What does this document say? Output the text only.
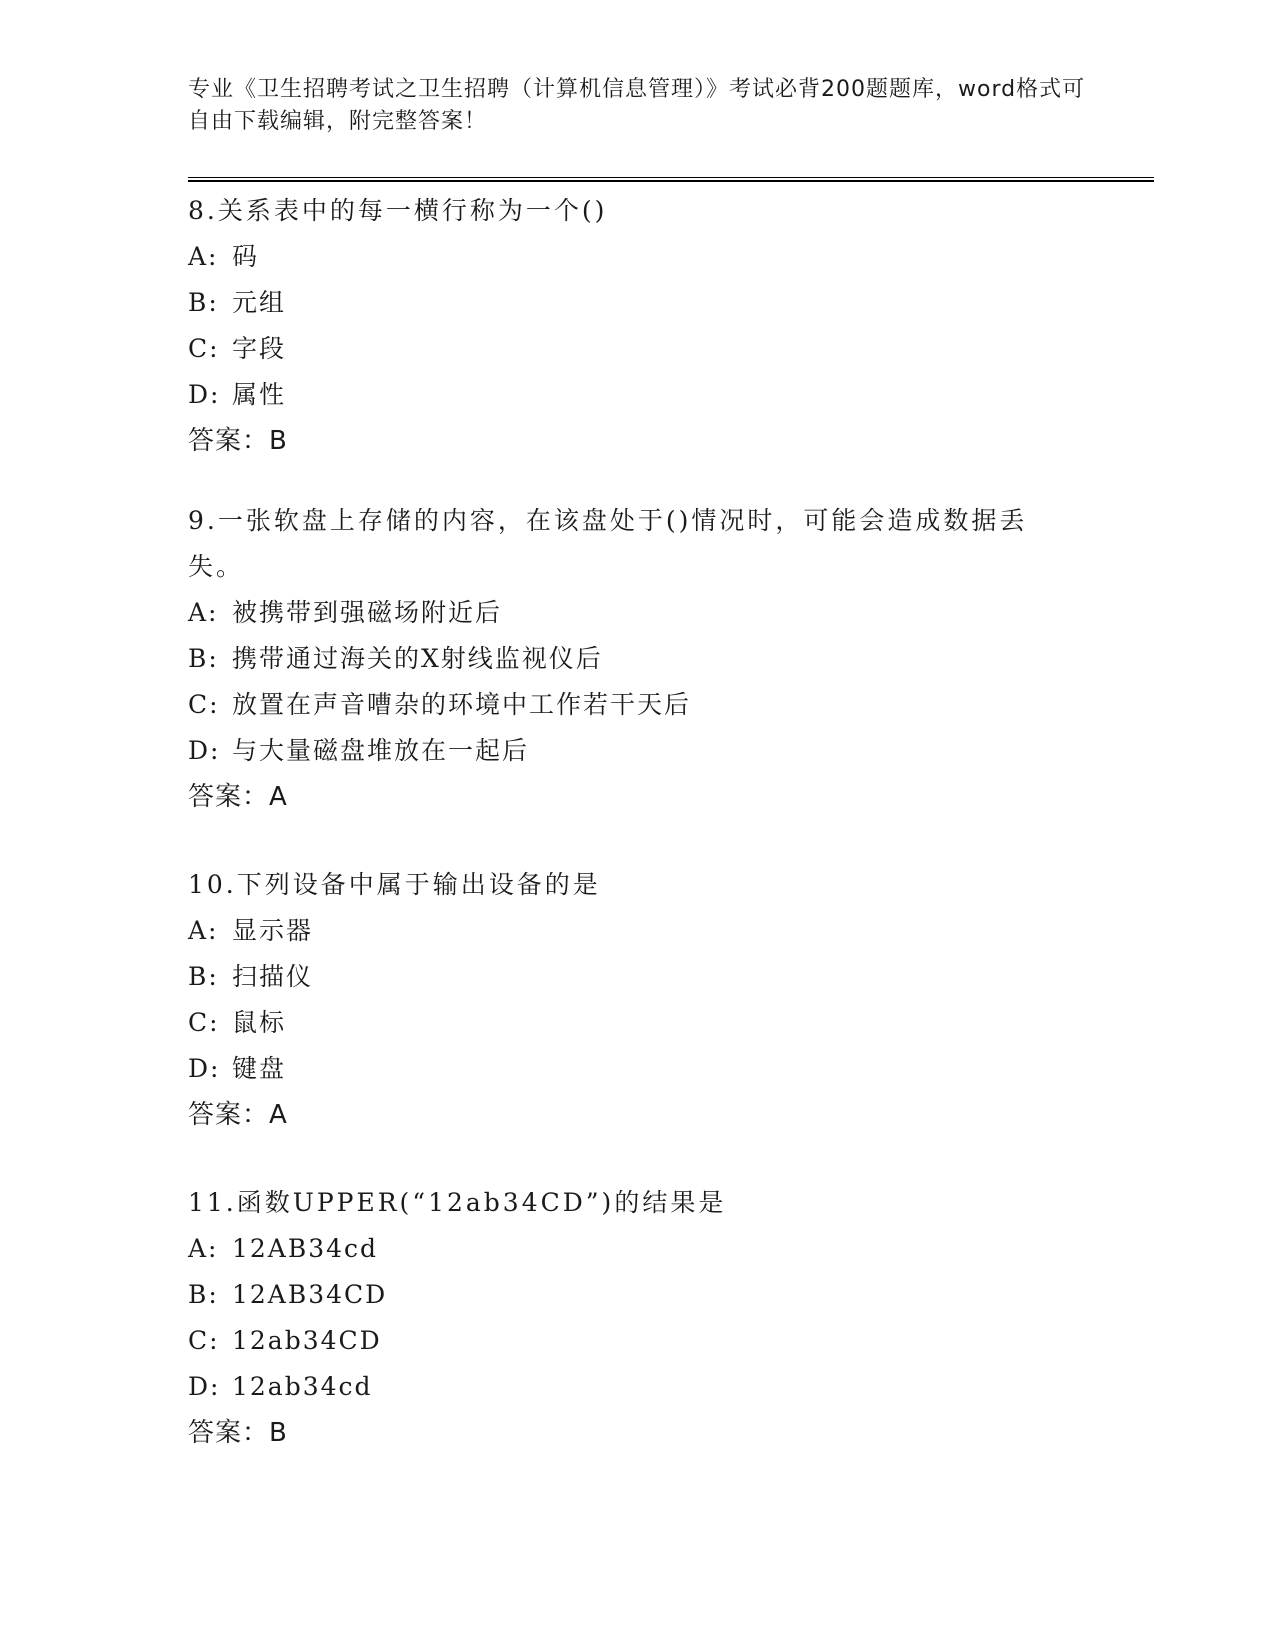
专业《卫生招聘考试之卫生招聘（计算机信息管理）》考试必背200题题库，word格式可自由下载编辑，附完整答案！
8.关系表中的每一横行称为一个()
A: 码
B: 元组
C: 字段
D: 属性
答案：B
9.一张软盘上存储的内容，在该盘处于()情况时，可能会造成数据丢失。
A: 被携带到强磁场附近后
B: 携带通过海关的X射线监视仪后
C: 放置在声音嘈杂的环境中工作若干天后
D: 与大量磁盘堆放在一起后
答案：A
10.下列设备中属于输出设备的是
A: 显示器
B: 扫描仪
C: 鼠标
D: 键盘
答案：A
11.函数UPPER(“12ab34CD”)的结果是
A: 12AB34cd
B: 12AB34CD
C: 12ab34CD
D: 12ab34cd
答案：B
